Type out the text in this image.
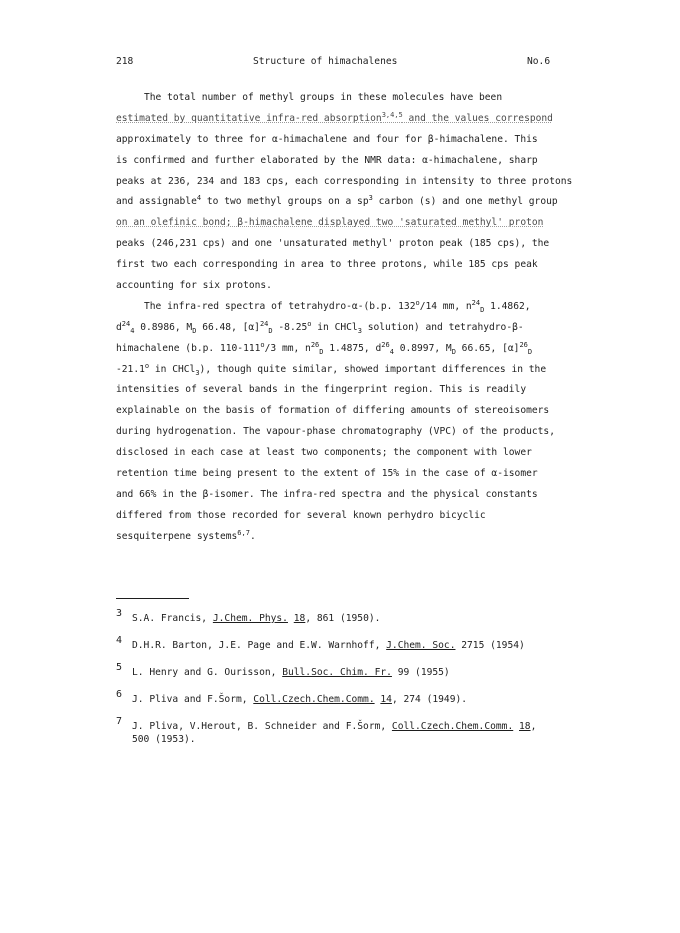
218	Structure of himachalenes	No.6
The total number of methyl groups in these molecules have been
estimated by quantitative infra-red absorption$^{3,4,5}$ and the values correspond
approximately to three for α-himachalene and four for β-himachalene. This
is confirmed and further elaborated by the NMR data: α-himachalene, sharp
peaks at 236, 234 and 183 cps, each corresponding in intensity to three protons
and assignable$^4$ to two methyl groups on a $sp^3$ carbon (s) and one methyl group
on an olefinic bond; β-himachalene displayed two 'saturated methyl' proton
peaks (246,231 cps) and one 'unsaturated methyl' proton peak (185 cps), the
first two each corresponding in area to three protons, while 185 cps peak
accounting for six protons.
The infra-red spectra of tetrahydro-α-(b.p. 132$^o$/14 mm, $n^{24}_D$ 1.4862,
$d^{24}_4$ 0.8986, $M_D$ 66.48, $[\alpha]^{24}_D$ -8.25$^o$ in CHCl$_3$ solution) and tetrahydro-β-
himachalene (b.p. 110-111$^o$/3 mm, $n^{26}_D$ 1.4875, $d^{26}_4$ 0.8997, $M_D$ 66.65, $[\alpha]^{26}_D$
-21.1$^o$ in CHCl$_3$), though quite similar, showed important differences in the
intensities of several bands in the fingerprint region. This is readily
explainable on the basis of formation of differing amounts of stereoisomers
during hydrogenation. The vapour-phase chromatography (VPC) of the products,
disclosed in each case at least two components; the component with lower
retention time being present to the extent of 15% in the case of α-isomer
and 66% in the β-isomer. The infra-red spectra and the physical constants
differed from those recorded for several known perhydro bicyclic
sesquiterpene systems$^{6,7}$.
3 S.A. Francis, J.Chem. Phys. 18, 861 (1950).
4 D.H.R. Barton, J.E. Page and E.W. Warnhoff, J.Chem. Soc. 2715 (1954)
5 L. Henry and G. Ourisson, Bull.Soc. Chim. Fr. 99 (1955)
6 J. Pliva and F.Šorm, Coll.Czech.Chem.Comm. 14, 274 (1949).
7 J. Pliva, V.Herout, B. Schneider and F.Šorm, Coll.Czech.Chem.Comm. 18,
500 (1953).
